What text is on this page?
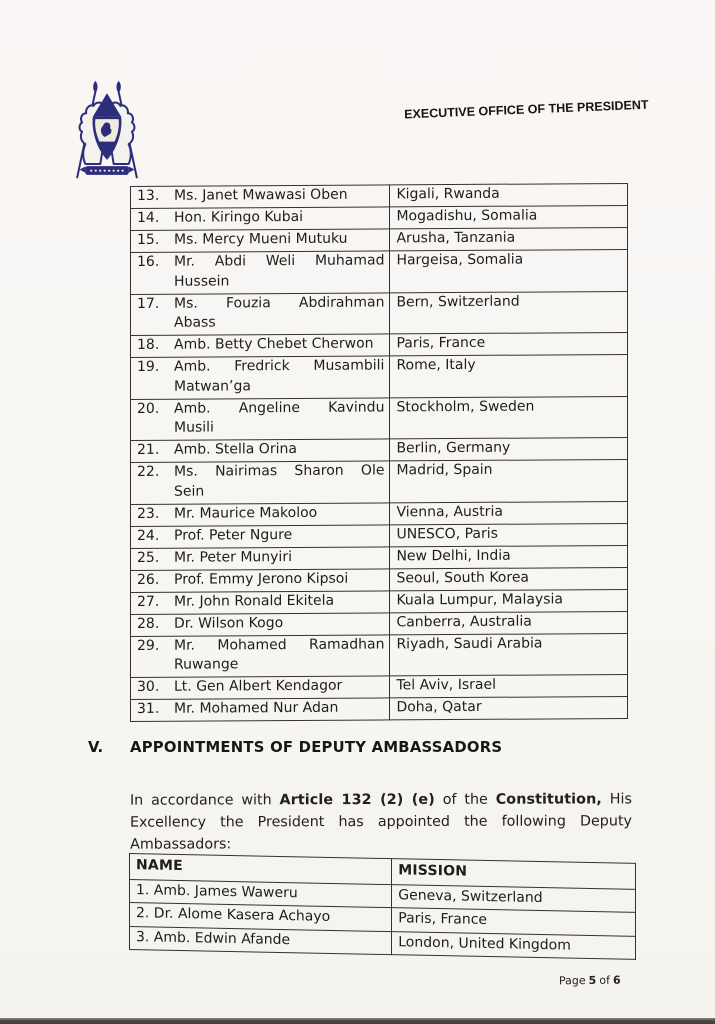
EXECUTIVE OFFICE OF THE PRESIDENT
13. Ms. Janet Mwawasi Oben	Kigali, Rwanda

14. Hon. Kiringo Kubai	Mogadishu, Somalia

15. Ms. Mercy Mueni Mutuku	Arusha, Tanzania

16. Mr. Abdi Weli Muhamad
Hussein	Hargeisa, Somalia

17. Ms. Fouzia Abdirahman
Abass	Bern, Switzerland

18. Amb. Betty Chebet Cherwon	Paris, France

19. Amb. Fredrick Musambili
Matwan’ga	Rome, Italy

20. Amb. Angeline Kavindu
Musili	Stockholm, Sweden

21. Amb. Stella Orina	Berlin, Germany

22. Ms. Nairimas Sharon Ole
Sein	Madrid, Spain

23. Mr. Maurice Makoloo	Vienna, Austria

24. Prof. Peter Ngure	UNESCO, Paris

25. Mr. Peter Munyiri	New Delhi, India

26. Prof. Emmy Jerono Kipsoi	Seoul, South Korea

27. Mr. John Ronald Ekitela	Kuala Lumpur, Malaysia

28. Dr. Wilson Kogo	Canberra, Australia

29. Mr. Mohamed Ramadhan
Ruwange	Riyadh, Saudi Arabia

30. Lt. Gen Albert Kendagor	Tel Aviv, Israel

31. Mr. Mohamed Nur Adan	Doha, Qatar
V.	APPOINTMENTS OF DEPUTY AMBASSADORS

In accordance with Article 132 (2) (e) of the Constitution, His Excellency the President has appointed the following Deputy Ambassadors:

NAME	MISSION
1. Amb. James Waweru	Geneva, Switzerland
2. Dr. Alome Kasera Achayo	Paris, France
3. Amb. Edwin Afande	London, United Kingdom
Page 5 of 6
